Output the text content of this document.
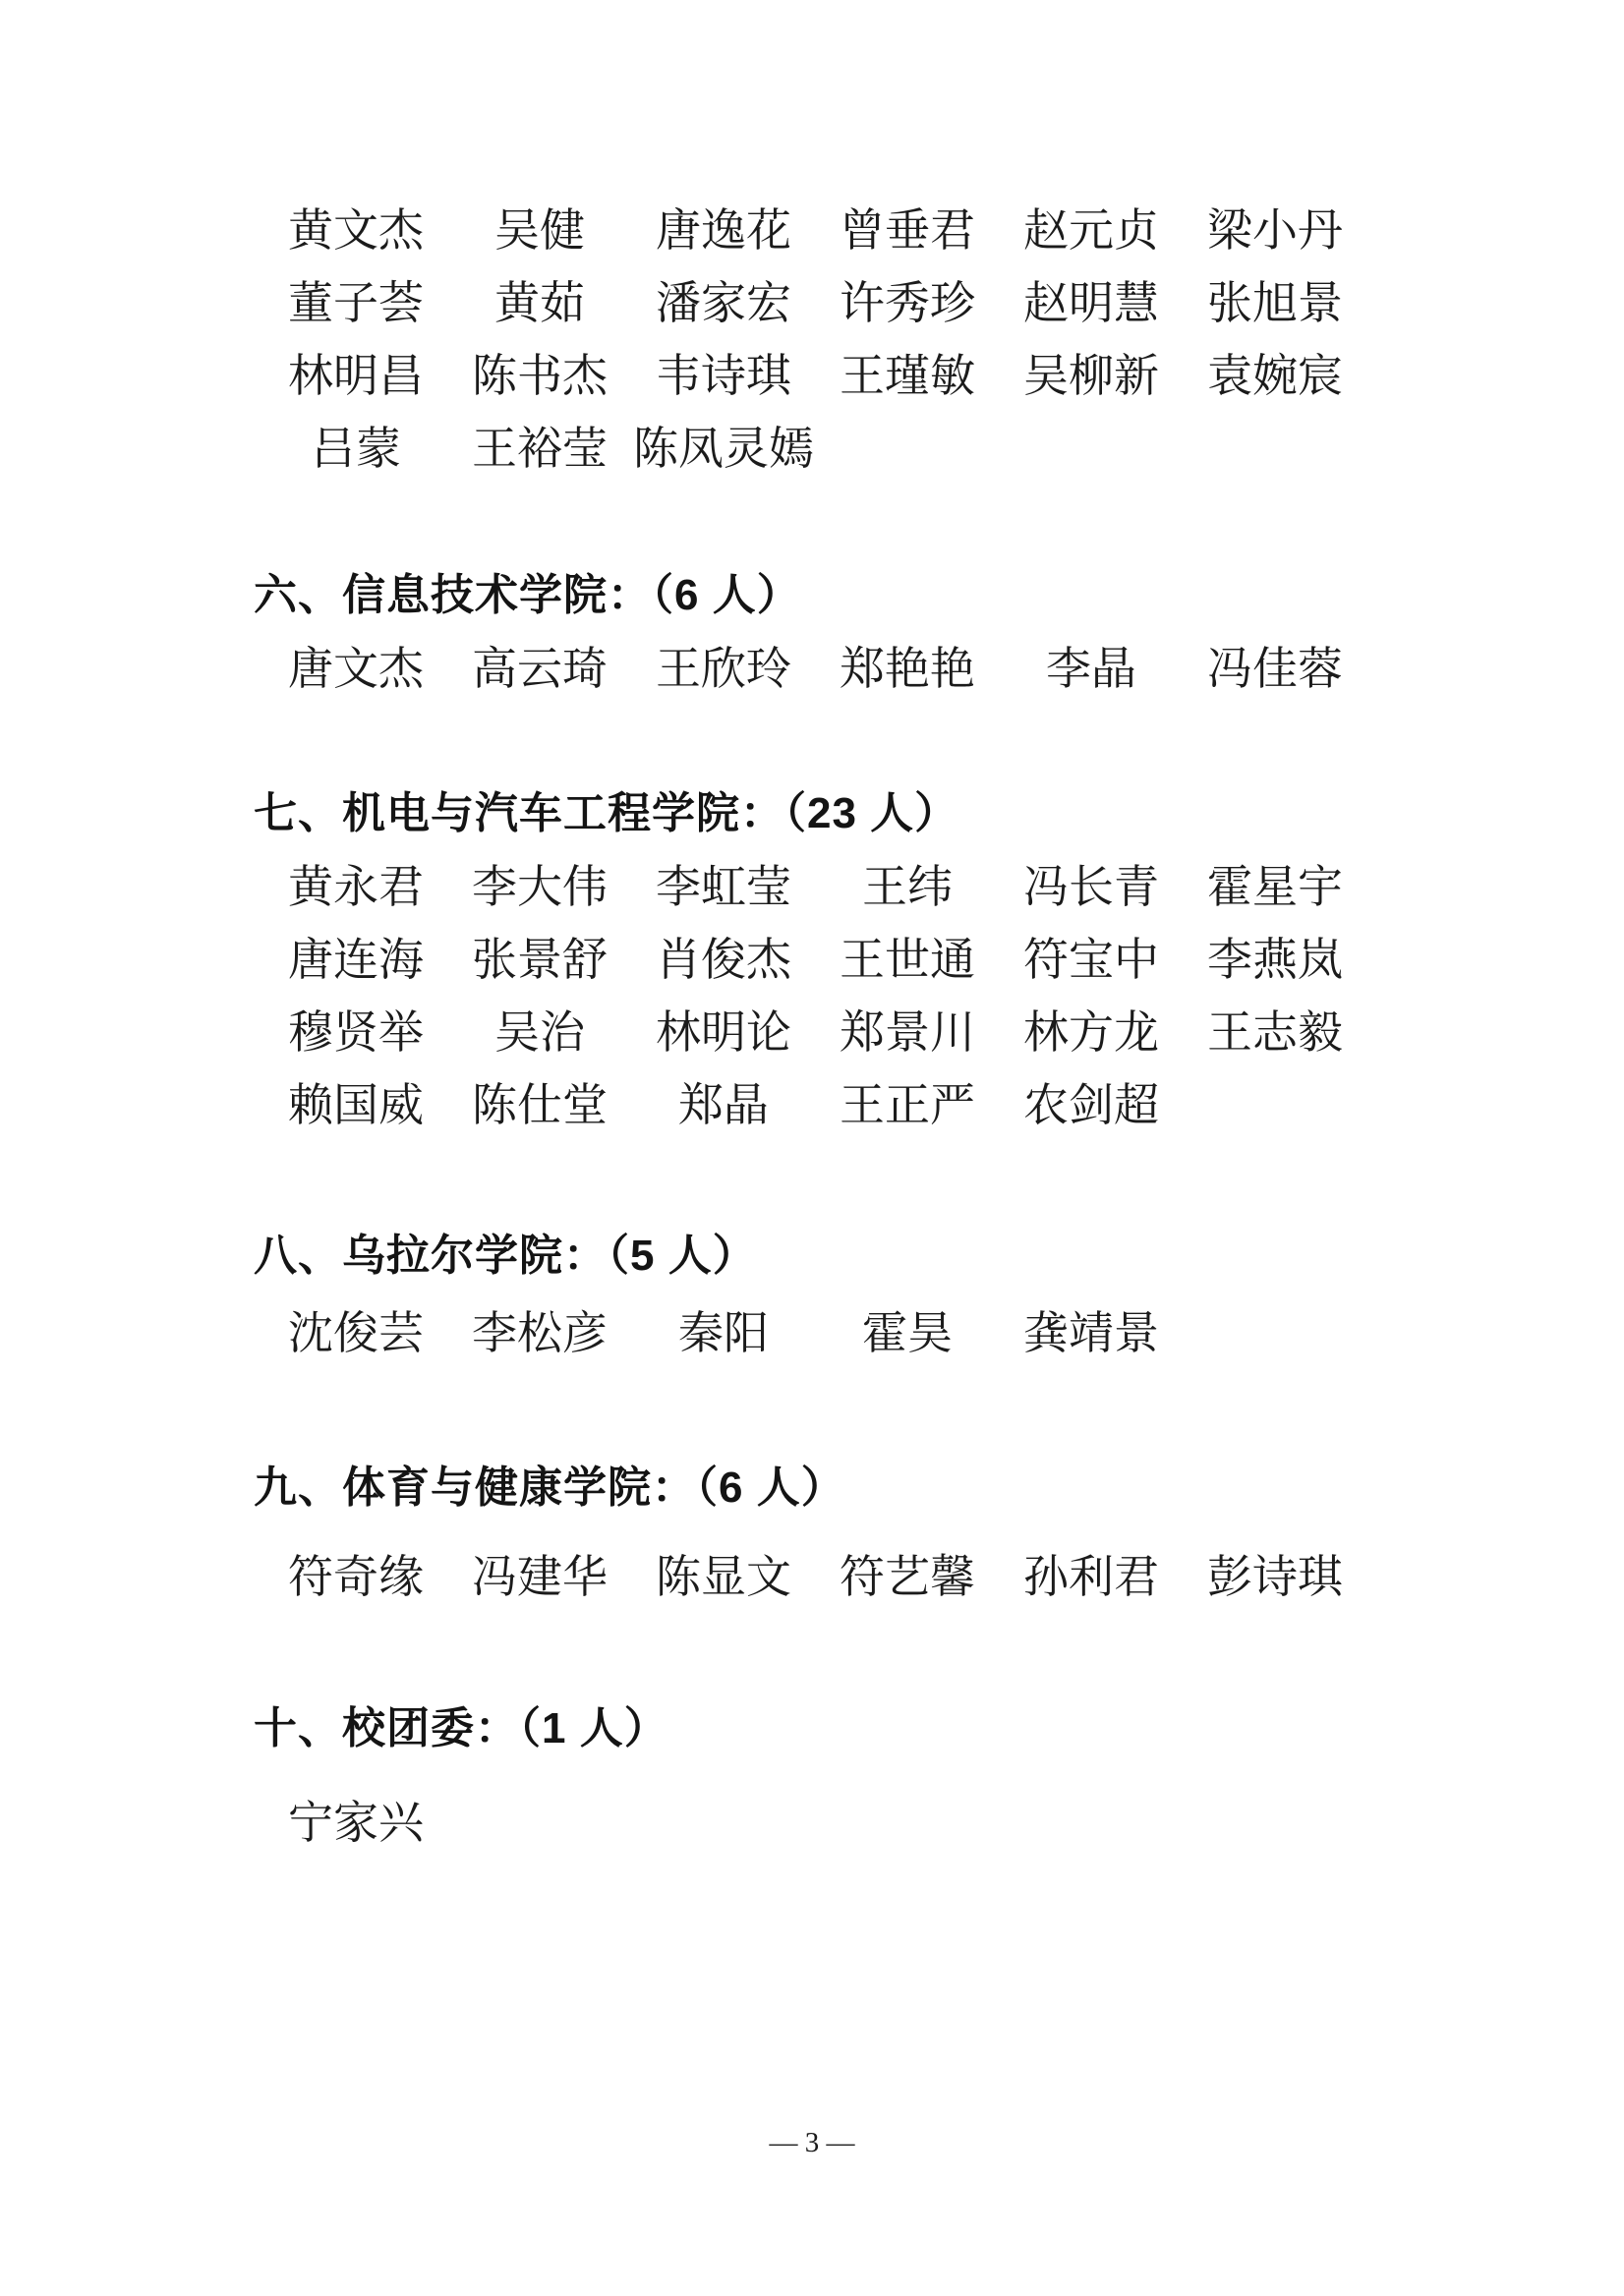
黄文杰	吴健	唐逸花	曾垂君	赵元贞	梁小丹
董子荟	黄茹	潘家宏	许秀珍	赵明慧	张旭景
林明昌	陈书杰	韦诗琪	王瑾敏	吴柳新	袁婉宸
吕蒙	王裕莹 陈凤灵嫣
六、信息技术学院：（6 人）
唐文杰	高云琦	王欣玲	郑艳艳	李晶	冯佳蓉
七、机电与汽车工程学院：（23 人）
黄永君	李大伟	李虹莹	王纬	冯长青	霍星宇
唐连海	张景舒	肖俊杰	王世通	符宝中	李燕岚
穆贤举	吴治	林明论	郑景川	林方龙	王志毅
赖国威	陈仕堂	郑晶	王正严	农剑超
八、乌拉尔学院：（5 人）
沈俊芸	李松彦	秦阳	霍昊	龚靖景
九、体育与健康学院：（6 人）
符奇缘	冯建华	陈显文	符艺馨	孙利君	彭诗琪
十、校团委：（1 人）
宁家兴
— 3 —
